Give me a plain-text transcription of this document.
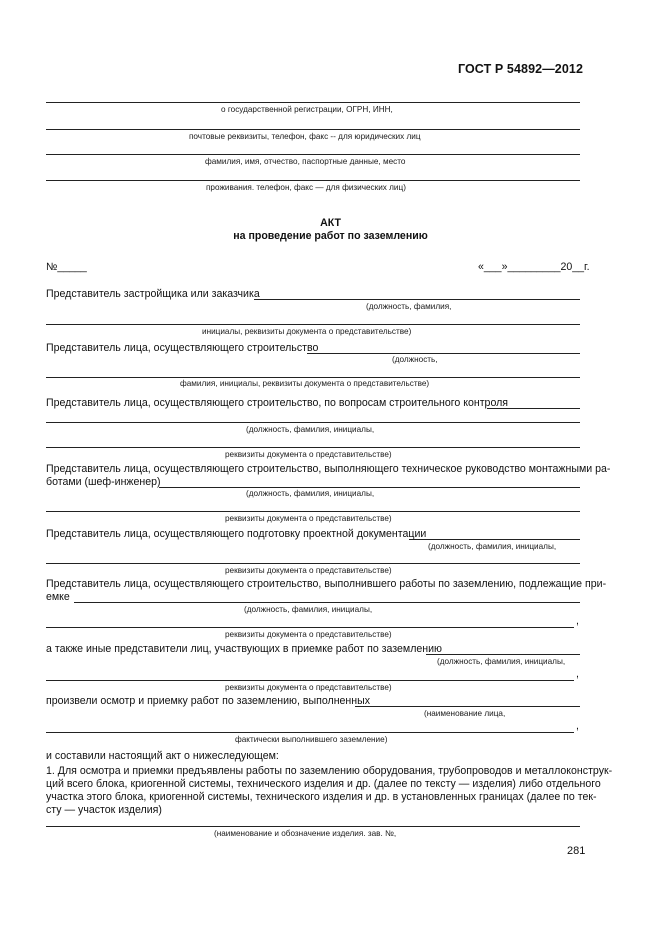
ГОСТ Р 54892—2012
о государственной регистрации, ОГРН, ИНН,
почтовые реквизиты, телефон, факс -- для юридических лиц
фамилия, имя, отчество, паспортные данные, место
проживания. телефон, факс — для физических лиц)
АКТ
на проведение работ по заземлению
№_____	«___»_________20__г.
Представитель застройщика или заказчика
(должность, фамилия,
инициалы, реквизиты документа о представительстве)
Представитель лица, осуществляющего строительство
(должность,
фамилия, инициалы, реквизиты документа о представительстве)
Представитель лица, осуществляющего строительство, по вопросам строительного контроля
(должность, фамилия, инициалы,
реквизиты документа о представительстве)
Представитель лица, осуществляющего строительство, выполняющего техническое руководство монтажными ра-
ботами (шеф-инженер)
(должность, фамилия, инициалы,
реквизиты документа о представительстве)
Представитель лица, осуществляющего подготовку проектной документации
(должность, фамилия, инициалы,
реквизиты документа о представительстве)
Представитель лица, осуществляющего строительство, выполнившего работы по заземлению, подлежащие при-
емке
(должность, фамилия, инициалы,
,
реквизиты документа о представительстве)
а также иные представители лиц, участвующих в приемке работ по заземлению
(должность, фамилия, инициалы,
,
реквизиты документа о представительстве)
произвели осмотр и приемку работ по заземлению, выполненных
(наименование лица,
,
фактически выполнившего заземление)
и составили настоящий акт о нижеследующем:
1. Для осмотра и приемки предъявлены работы по заземлению оборудования, трубопроводов и металлоконструк-
ций всего блока, криогенной системы, технического изделия и др. (далее по тексту — изделия) либо отдельного
участка этого блока, криогенной системы, технического изделия и др. в установленных границах (далее по тек-
сту — участок изделия)
(наименование и обозначение изделия. зав. №,
281
